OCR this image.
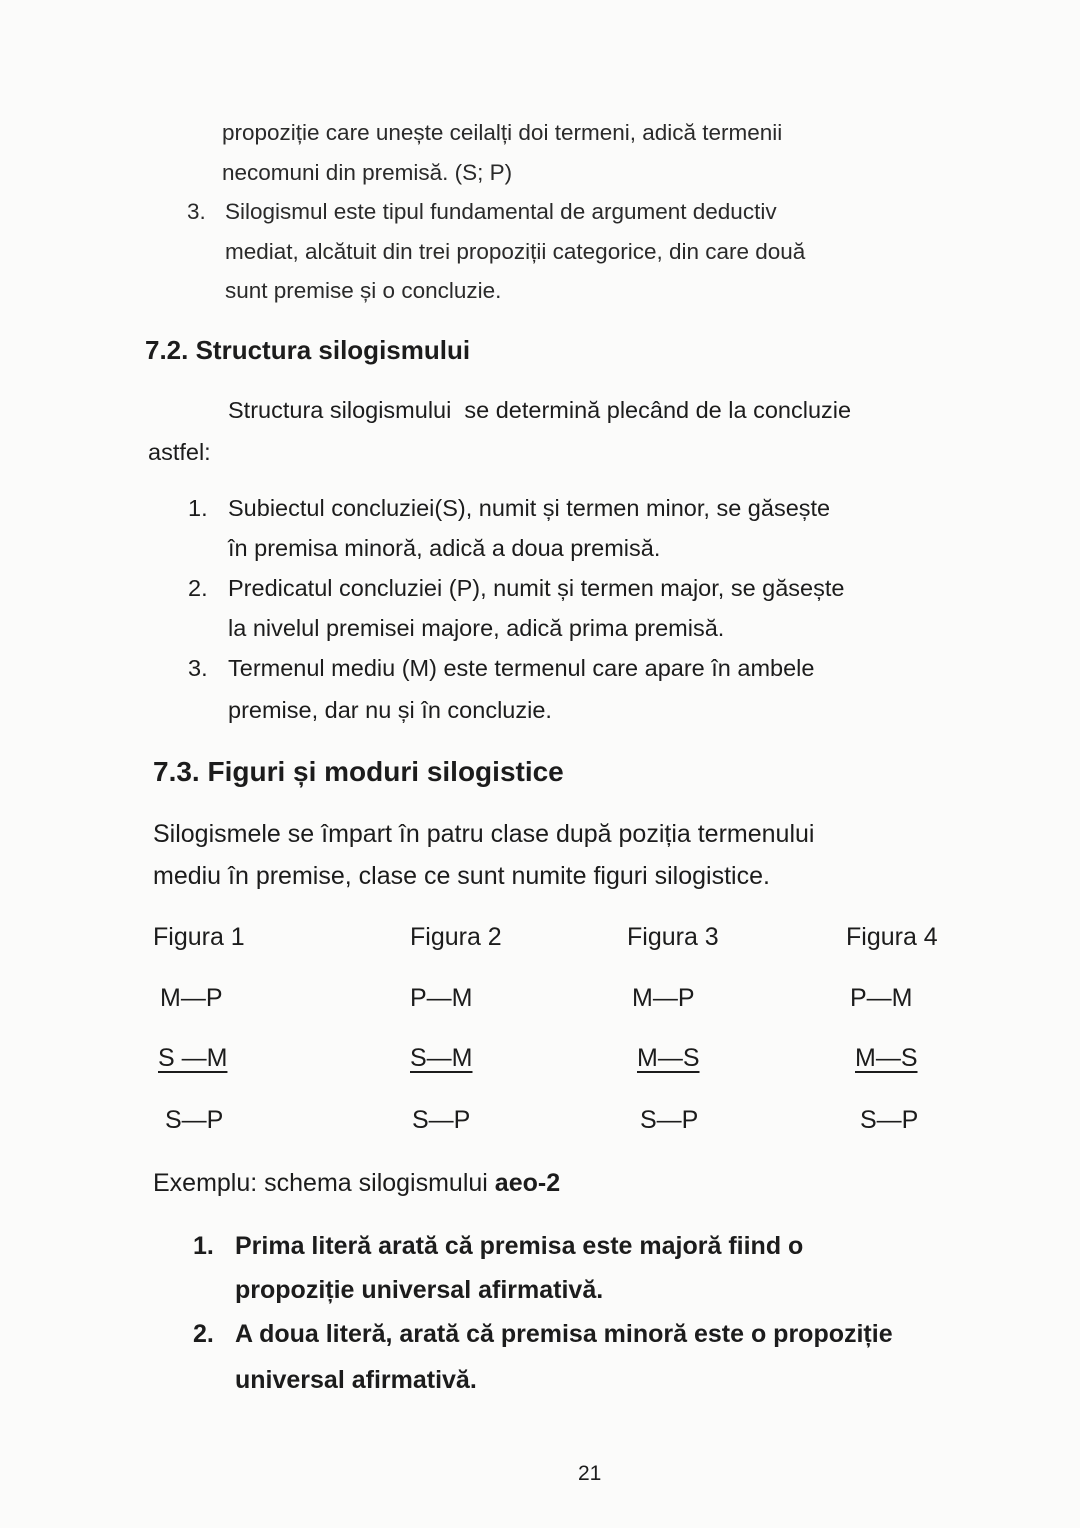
propoziție care unește ceilalți doi termeni, adică termenii
necomuni din premisă. (S; P)
3. Silogismul este tipul fundamental de argument deductiv
mediat, alcătuit din trei propoziții categorice, din care două
sunt premise și o concluzie.
7.2. Structura silogismului
Structura silogismului  se determină plecând de la concluzie
astfel:
1. Subiectul concluziei(S), numit și termen minor, se găsește
în premisa minoră, adică a doua premisă.
2. Predicatul concluziei (P), numit și termen major, se găsește
la nivelul premisei majore, adică prima premisă.
3. Termenul mediu (M) este termenul care apare în ambele
premise, dar nu și în concluzie.
7.3. Figuri și moduri silogistice
Silogismele se împart în patru clase după poziția termenului
mediu în premise, clase ce sunt numite figuri silogistice.
Figura 1	Figura 2	Figura 3	Figura 4
M—P	P—M	M—P	P—M
S —M	S—M	M—S	M—S
S—P	S—P	S—P	S—P
Exemplu: schema silogismului aeo-2
1. Prima literă arată că premisa este majoră fiind o
propoziție universal afirmativă.
2. A doua literă, arată că premisa minoră este o propoziție
universal afirmativă.
21
